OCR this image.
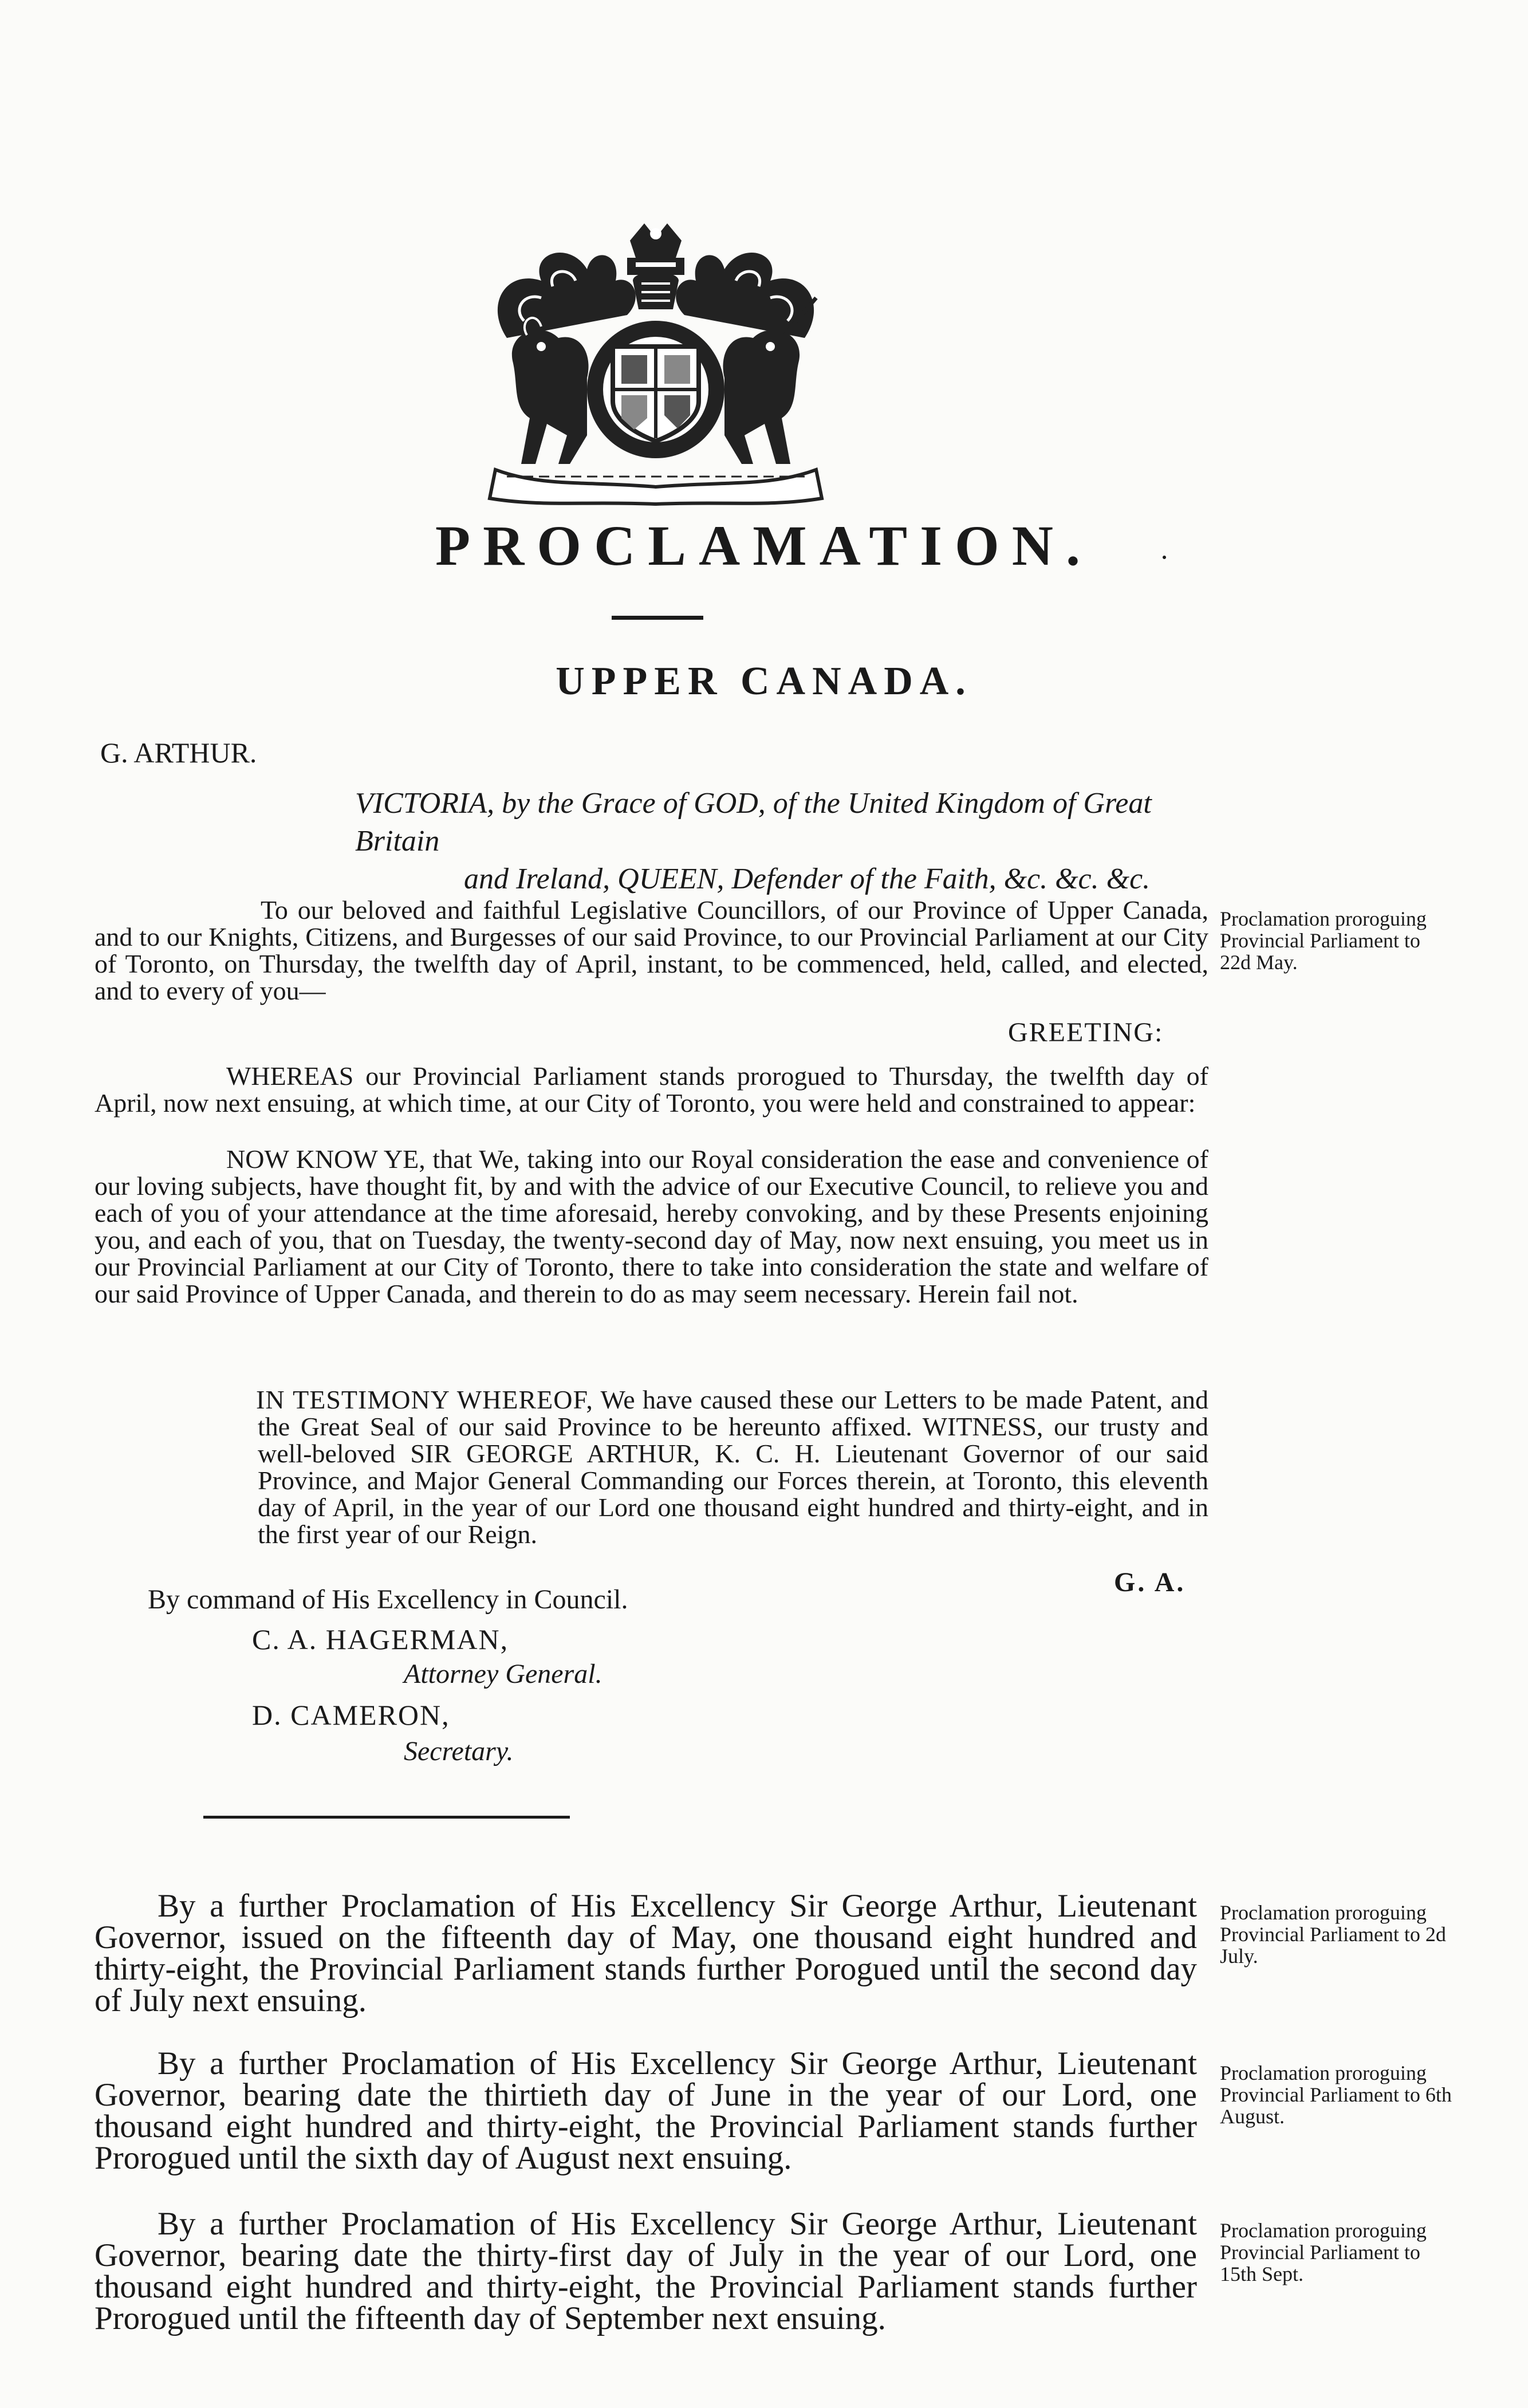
PROCLAMATION.
UPPER CANADA.
G. ARTHUR.
VICTORIA, by the Grace of GOD, of the United Kingdom of Great Britain
and Ireland, QUEEN, Defender of the Faith, &c. &c. &c.
To our beloved and faithful Legislative Councillors, of our Province of Upper Canada, and to our Knights, Citizens, and Burgesses of our said Province, to our Provincial Parliament at our City of Toronto, on Thursday, the twelfth day of April, instant, to be commenced, held, called, and elected, and to every of you—
Proclamation proroguing Provincial Parliament to 22d May.
GREETING:
WHEREAS our Provincial Parliament stands prorogued to Thursday, the twelfth day of April, now next ensuing, at which time, at our City of Toronto, you were held and constrained to appear:
NOW KNOW YE, that We, taking into our Royal consideration the ease and convenience of our loving subjects, have thought fit, by and with the advice of our Executive Council, to relieve you and each of you of your attendance at the time aforesaid, hereby convoking, and by these Presents enjoining you, and each of you, that on Tuesday, the twenty-second day of May, now next ensuing, you meet us in our Provincial Parliament at our City of Toronto, there to take into consideration the state and welfare of our said Province of Upper Canada, and therein to do as may seem necessary. Herein fail not.
IN TESTIMONY WHEREOF, We have caused these our Letters to be made Patent, and the Great Seal of our said Province to be hereunto affixed. WITNESS, our trusty and well-beloved SIR GEORGE ARTHUR, K. C. H. Lieutenant Governor of our said Province, and Major General Commanding our Forces therein, at Toronto, this eleventh day of April, in the year of our Lord one thousand eight hundred and thirty-eight, and in the first year of our Reign.
G. A.
By command of His Excellency in Council.
C. A. HAGERMAN,
Attorney General.
D. CAMERON,
Secretary.
By a further Proclamation of His Excellency Sir George Arthur, Lieutenant Governor, issued on the fifteenth day of May, one thousand eight hundred and thirty-eight, the Provincial Parliament stands further Porogued until the second day of July next ensuing.
Proclamation proroguing Provincial Parliament to 2d July.
By a further Proclamation of His Excellency Sir George Arthur, Lieutenant Governor, bearing date the thirtieth day of June in the year of our Lord, one thousand eight hundred and thirty-eight, the Provincial Parliament stands further Prorogued until the sixth day of August next ensuing.
Proclamation proroguing Provincial Parliament to 6th August.
By a further Proclamation of His Excellency Sir George Arthur, Lieutenant Governor, bearing date the thirty-first day of July in the year of our Lord, one thousand eight hundred and thirty-eight, the Provincial Parliament stands further Prorogued until the fifteenth day of September next ensuing.
Proclamation proroguing Provincial Parliament to 15th Sept.
